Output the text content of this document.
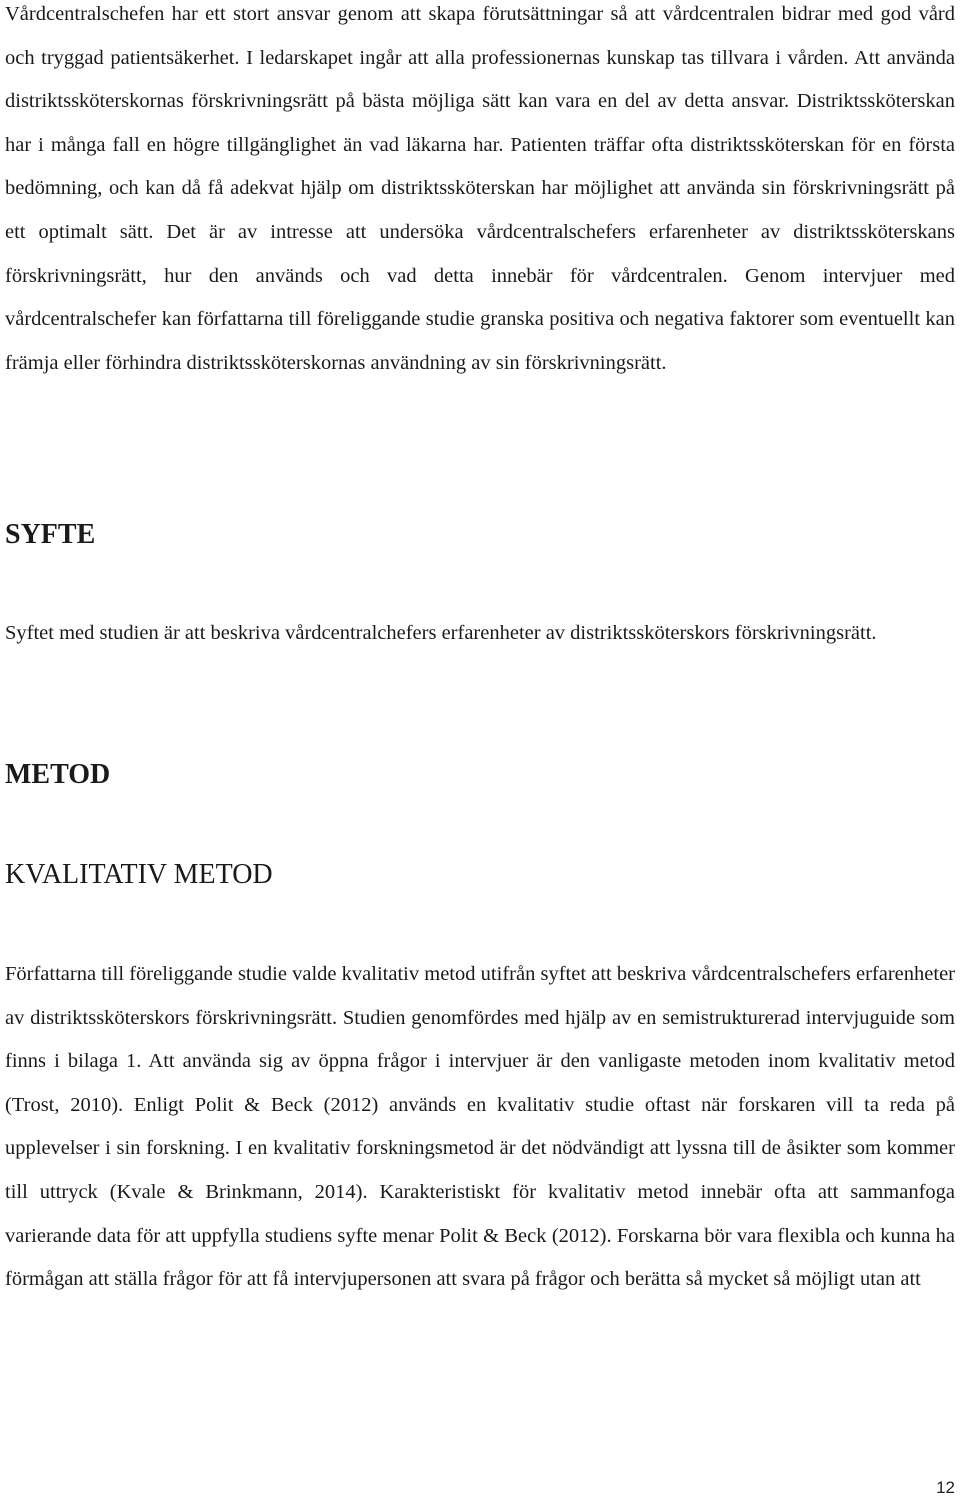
Vårdcentralschefen har ett stort ansvar genom att skapa förutsättningar så att vårdcentralen bidrar med god vård och tryggad patientsäkerhet. I ledarskapet ingår att alla professionernas kunskap tas tillvara i vården. Att använda distriktssköterskornas förskrivningsrätt på bästa möjliga sätt kan vara en del av detta ansvar. Distriktssköterskan har i många fall en högre tillgänglighet än vad läkarna har. Patienten träffar ofta distriktssköterskan för en första bedömning, och kan då få adekvat hjälp om distriktssköterskan har möjlighet att använda sin förskrivningsrätt på ett optimalt sätt. Det är av intresse att undersöka vårdcentralschefers erfarenheter av distriktssköterskans förskrivningsrätt, hur den används och vad detta innebär för vårdcentralen. Genom intervjuer med vårdcentralschefer kan författarna till föreliggande studie granska positiva och negativa faktorer som eventuellt kan främja eller förhindra distriktssköterskornas användning av sin förskrivningsrätt.

SYFTE

Syftet med studien är att beskriva vårdcentralchefers erfarenheter av distriktssköterskors förskrivningsrätt.

METOD
KVALITATIV METOD

Författarna till föreliggande studie valde kvalitativ metod utifrån syftet att beskriva vårdcentralschefers erfarenheter av distriktssköterskors förskrivningsrätt. Studien genomfördes med hjälp av en semistrukturerad intervjuguide som finns i bilaga 1. Att använda sig av öppna frågor i intervjuer är den vanligaste metoden inom kvalitativ metod (Trost, 2010). Enligt Polit & Beck (2012) används en kvalitativ studie oftast när forskaren vill ta reda på upplevelser i sin forskning. I en kvalitativ forskningsmetod är det nödvändigt att lyssna till de åsikter som kommer till uttryck (Kvale & Brinkmann, 2014). Karakteristiskt för kvalitativ metod innebär ofta att sammanfoga varierande data för att uppfylla studiens syfte menar Polit & Beck (2012). Forskarna bör vara flexibla och kunna ha förmågan att ställa frågor för att få intervjupersonen att svara på frågor och berätta så mycket så möjligt utan att

12
